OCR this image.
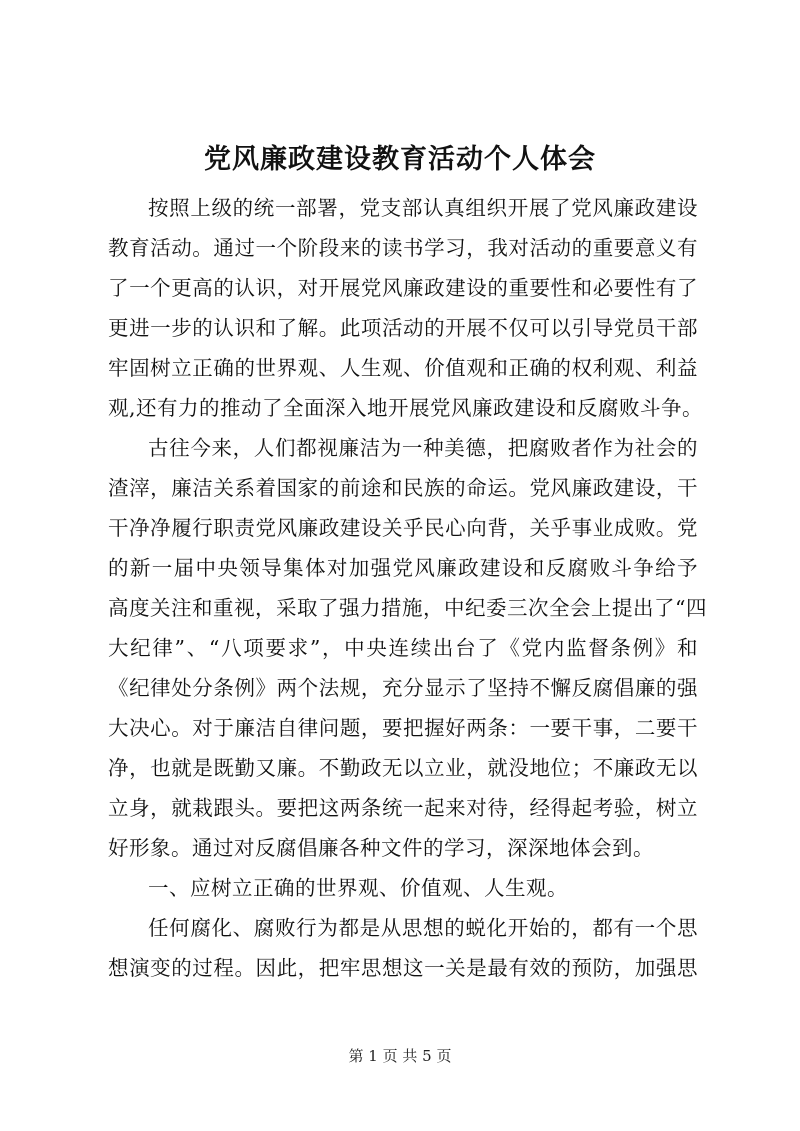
党风廉政建设教育活动个人体会
按照上级的统一部署，党支部认真组织开展了党风廉政建设
教育活动。通过一个阶段来的读书学习，我对活动的重要意义有
了一个更高的认识，对开展党风廉政建设的重要性和必要性有了
更进一步的认识和了解。此项活动的开展不仅可以引导党员干部
牢固树立正确的世界观、人生观、价值观和正确的权利观、利益
观,还有力的推动了全面深入地开展党风廉政建设和反腐败斗争。
古往今来，人们都视廉洁为一种美德，把腐败者作为社会的
渣滓，廉洁关系着国家的前途和民族的命运。党风廉政建设，干
干净净履行职责党风廉政建设关乎民心向背，关乎事业成败。党
的新一届中央领导集体对加强党风廉政建设和反腐败斗争给予
高度关注和重视，采取了强力措施，中纪委三次全会上提出了“四
大纪律”、“八项要求”，中央连续出台了《党内监督条例》和
《纪律处分条例》两个法规，充分显示了坚持不懈反腐倡廉的强
大决心。对于廉洁自律问题，要把握好两条：一要干事，二要干
净，也就是既勤又廉。不勤政无以立业，就没地位；不廉政无以
立身，就栽跟头。要把这两条统一起来对待，经得起考验，树立
好形象。通过对反腐倡廉各种文件的学习，深深地体会到。
一、应树立正确的世界观、价值观、人生观。
任何腐化、腐败行为都是从思想的蜕化开始的，都有一个思
想演变的过程。因此，把牢思想这一关是最有效的预防，加强思
第 1 页 共 5 页
